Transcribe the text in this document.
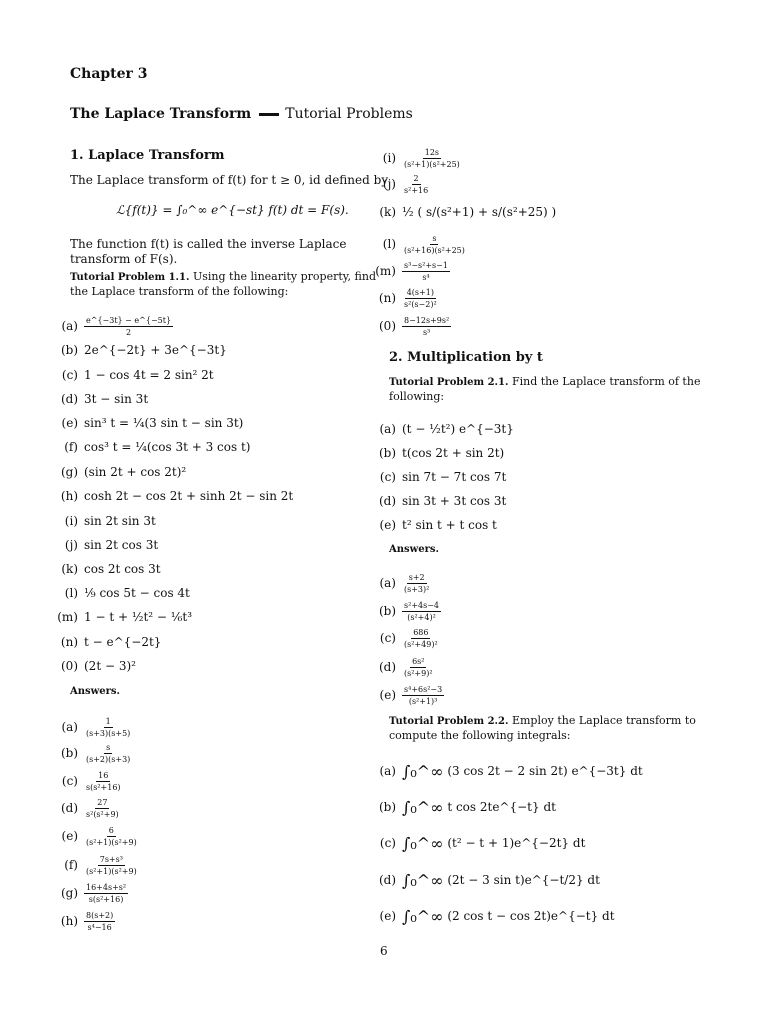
Chapter 3
The Laplace Transform Tutorial Problems
1. Laplace Transform
The Laplace transform of f(t) for t ≥ 0, id defined by
ℒ{f(t)} = ∫₀^∞ e^{−st} f(t) dt = F(s).
The function f(t) is called the inverse Laplace
transform of F(s).
Tutorial Problem 1.1. Using the linearity property, find
the Laplace transform of the following:
$(a) \frac{e\^{}\{-3t\} - e\^{}\{-5t\}}{2}$
(b) 2e^{−2t} + 3e^{−3t}
(c) 1 − cos 4t = 2 sin² 2t
(d) 3t − sin 3t
(e) sin³ t = ¼(3 sin t − sin 3t)
(f) cos³ t = ¼(cos 3t + 3 cos t)
(g) (sin 2t + cos 2t)²
(h) cosh 2t − cos 2t + sinh 2t − sin 2t
(i) sin 2t sin 3t
(j) sin 2t cos 3t
(k) cos 2t cos 3t
(l) ⅑ cos 5t − cos 4t
(m) 1 − t + ½t² − ⅙t³
(n) t − e^{−2t}
(0) (2t − 3)²
Answers.
$(a) \frac{1}{(s+3)(s+5)}$
$(b) \frac{s}{(s+2)(s+3)}$
$(c) \frac{16}{\text{s(s²+16)}}$
$(d) \frac{27}{\text{s²(s²+9)}}$
$(e) \frac{6}{\text{(s²+1)(s²+9)}}$
$(f) \frac{\text{7s+s³}}{\text{(s²+1)(s²+9)}}$
$(g) \frac{\text{16+4s+s²}}{\text{s(s²+16)}}$
$(h) \frac{8(s+2)}{\text{s⁴−16}}$
$(i) \frac{12s}{\text{(s²+1)(s²+25)}}$
$(j) \frac{2}{\text{s²+16}}$
(k) ½ ( s/(s²+1) + s/(s²+25) )
$(l) \frac{s}{\text{(s²+16)(s²+25)}}$
$(m) \frac{\text{s³−s²+s−1}}{\text{s⁴}}$
$(n) \frac{4(s+1)}{\text{s²(s−2)²}}$
$(0) \frac{\text{8−12s+9s²}}{\text{s³}}$
2. Multiplication by t
Tutorial Problem 2.1. Find the Laplace transform of the
following:
(a) (t − ½t²) e^{−3t}
(b) t(cos 2t + sin 2t)
(c) sin 7t − 7t cos 7t
(d) sin 3t + 3t cos 3t
(e) t² sin t + t cos t
Answers.
$(a) \frac{s+2}{\text{(s+3)²}}$
$(b) \frac{\text{s²+4s−4}}{\text{(s²+4)²}}$
$(c) \frac{686}{\text{(s²+49)²}}$
$(d) \frac{\text{6s²}}{\text{(s²+9)²}}$
$(e) \frac{\text{s⁴+6s²−3}}{\text{(s²+1)³}}$
Tutorial Problem 2.2. Employ the Laplace transform to
compute the following integrals:
(a) ∫₀^∞ (3 cos 2t − 2 sin 2t) e^{−3t} dt
(b) ∫₀^∞ t cos 2te^{−t} dt
(c) ∫₀^∞ (t² − t + 1)e^{−2t} dt
(d) ∫₀^∞ (2t − 3 sin t)e^{−t/2} dt
(e) ∫₀^∞ (2 cos t − cos 2t)e^{−t} dt
6
